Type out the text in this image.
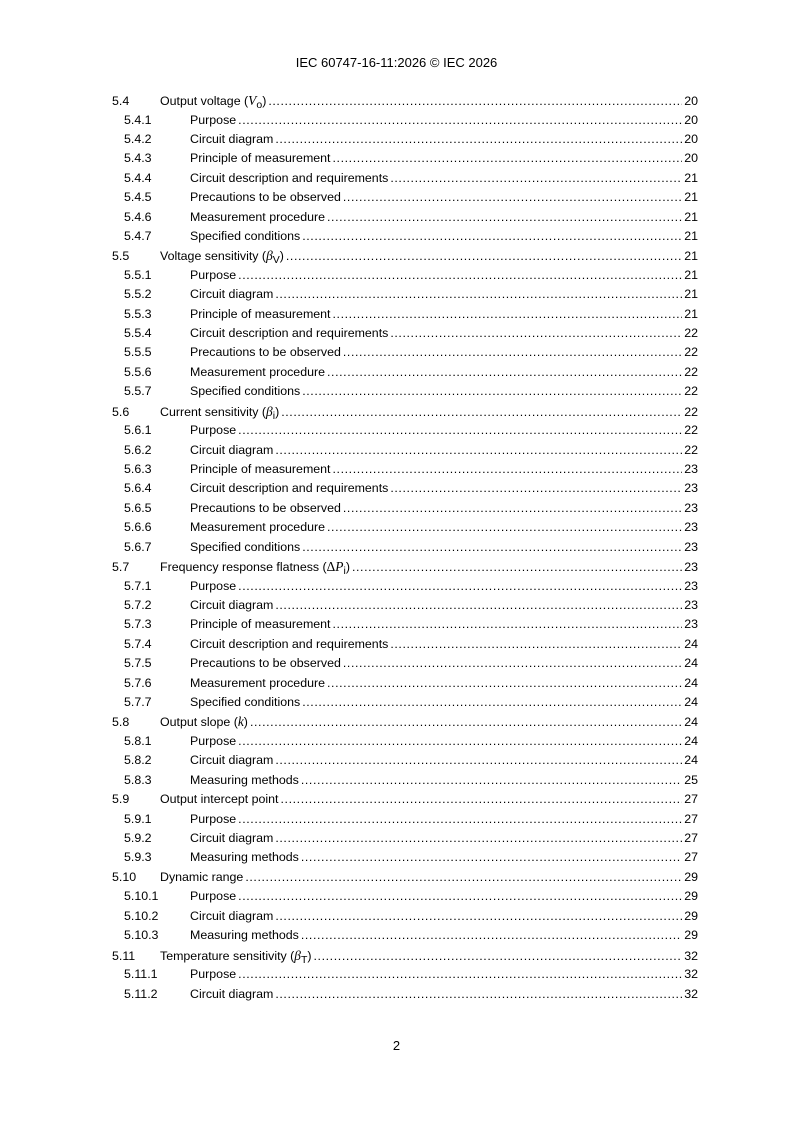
IEC 60747-16-11:2026 © IEC 2026
5.4	Output voltage $(V_o)$ .....	20
5.4.1	Purpose .....	20
5.4.2	Circuit diagram .....	20
5.4.3	Principle of measurement .....	20
5.4.4	Circuit description and requirements .....	21
5.4.5	Precautions to be observed .....	21
5.4.6	Measurement procedure .....	21
5.4.7	Specified conditions .....	21
5.5	Voltage sensitivity $(\beta_V)$ .....	21
5.5.1	Purpose .....	21
5.5.2	Circuit diagram .....	21
5.5.3	Principle of measurement .....	21
5.5.4	Circuit description and requirements .....	22
5.5.5	Precautions to be observed .....	22
5.5.6	Measurement procedure .....	22
5.5.7	Specified conditions .....	22
5.6	Current sensitivity $(\beta_i)$ .....	22
5.6.1	Purpose .....	22
5.6.2	Circuit diagram .....	22
5.6.3	Principle of measurement .....	23
5.6.4	Circuit description and requirements .....	23
5.6.5	Precautions to be observed .....	23
5.6.6	Measurement procedure .....	23
5.6.7	Specified conditions .....	23
5.7	Frequency response flatness $(\Delta P_i)$ .....	23
5.7.1	Purpose .....	23
5.7.2	Circuit diagram .....	23
5.7.3	Principle of measurement .....	23
5.7.4	Circuit description and requirements .....	24
5.7.5	Precautions to be observed .....	24
5.7.6	Measurement procedure .....	24
5.7.7	Specified conditions .....	24
5.8	Output slope (k) .....	24
5.8.1	Purpose .....	24
5.8.2	Circuit diagram .....	24
5.8.3	Measuring methods .....	25
5.9	Output intercept point .....	27
5.9.1	Purpose .....	27
5.9.2	Circuit diagram .....	27
5.9.3	Measuring methods .....	27
5.10	Dynamic range .....	29
5.10.1	Purpose .....	29
5.10.2	Circuit diagram .....	29
5.10.3	Measuring methods .....	29
5.11	Temperature sensitivity $(\beta_T)$ .....	32
5.11.1	Purpose .....	32
5.11.2	Circuit diagram .....	32
2
